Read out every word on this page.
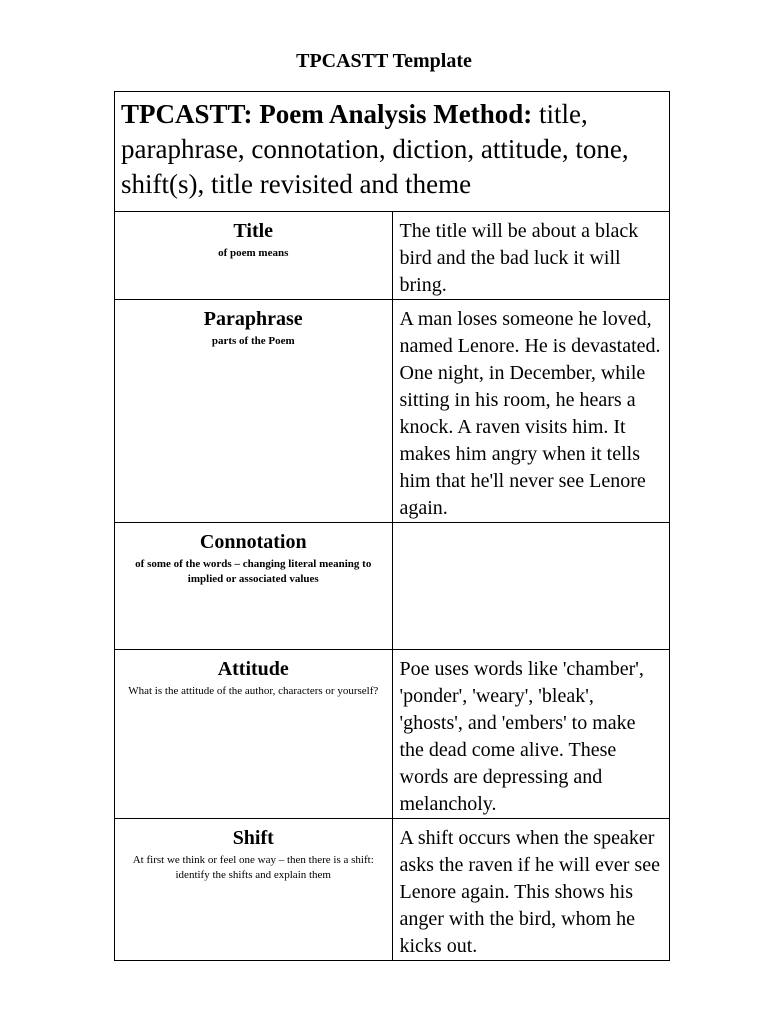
TPCASTT Template
TPCASTT: Poem Analysis Method: title, paraphrase, connotation, diction, attitude, tone, shift(s), title revisited and theme	

Title
of poem means	The title will be about a black bird and the bad luck it will bring.

Paraphrase
parts of the Poem	A man loses someone he loved, named Lenore. He is devastated. One night, in December, while sitting in his room, he hears a knock. A raven visits him. It makes him angry when it tells him that he'll never see Lenore again.

Connotation
of some of the words – changing literal meaning to implied or associated values	

Attitude
What is the attitude of the author, characters or yourself?	Poe uses words like 'chamber', 'ponder', 'weary', 'bleak', 'ghosts', and 'embers' to make the dead come alive. These words are depressing and melancholy.

Shift
At first we think or feel one way – then there is a shift: identify the shifts and explain them	A shift occurs when the speaker asks the raven if he will ever see Lenore again. This shows his anger with the bird, whom he kicks out.
